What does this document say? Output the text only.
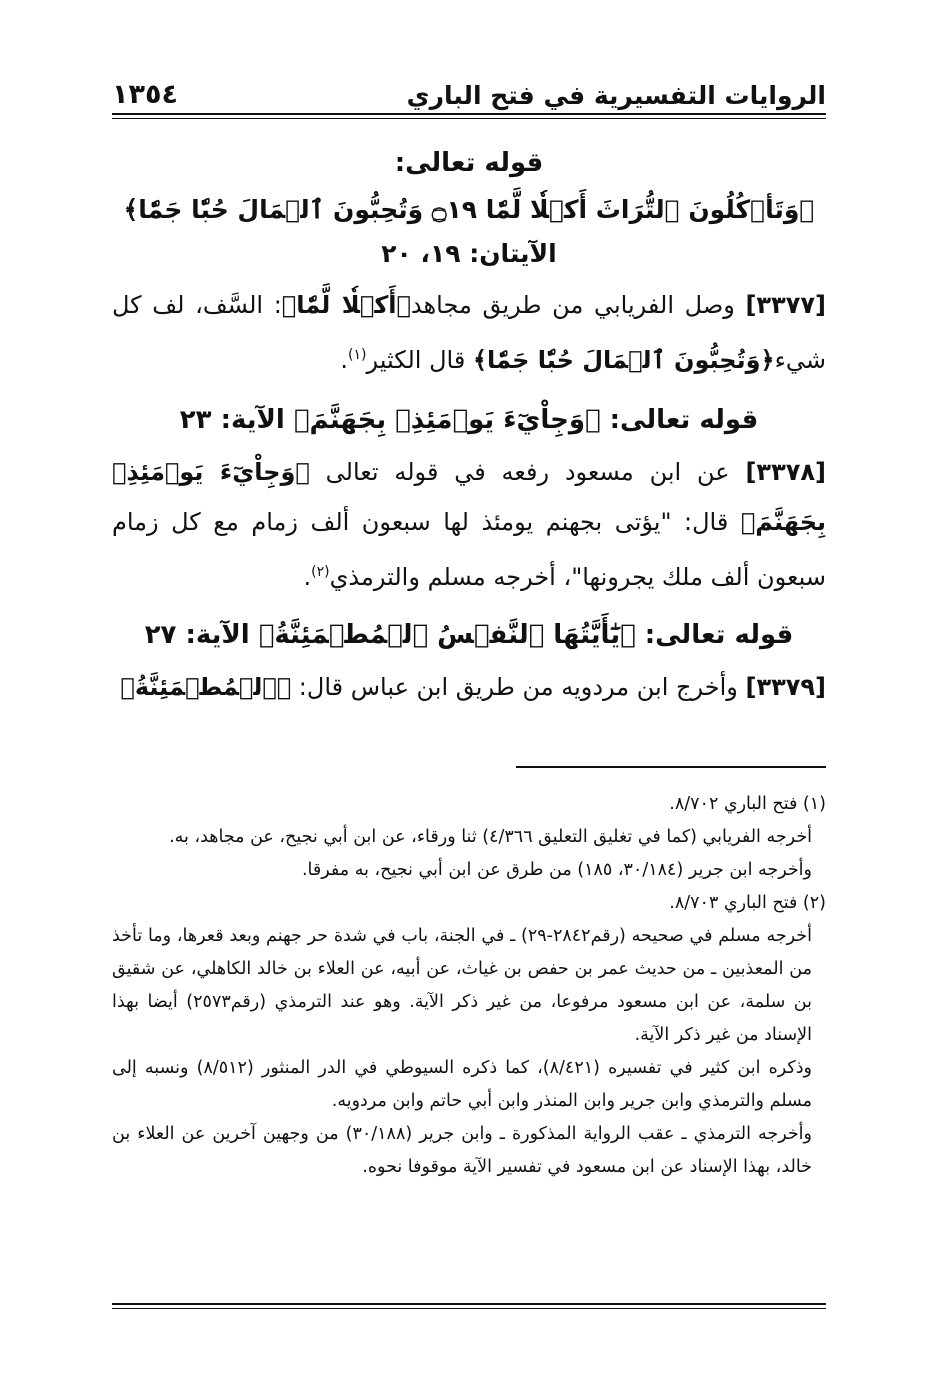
١٣٥٤	الروايات التفسيرية في فتح الباري

قوله تعالى:

﴿وَتَأۡكُلُونَ ٱلتُّرَاثَ أَكۡلٗا لَّمّٗا ۝١٩ وَتُحِبُّونَ ٱلۡمَالَ حُبّٗا جَمّٗا﴾ الآيتان: ١٩، ٢٠

[٣٣٧٧] وصل الفريابي من طريق مجاهد﴿أَكۡلٗا لَّمّٗا﴾: السَّف، لف كل شيء﴿وَتُحِبُّونَ ٱلۡمَالَ حُبّٗا جَمّٗا﴾ قال الكثير$^{(١)}$.

قوله تعالى: ﴿وَجِاْيٓءَ يَوۡمَئِذِۭ بِجَهَنَّمَ﴾ الآية: ٢٣

[٣٣٧٨] عن ابن مسعود رفعه في قوله تعالى ﴿وَجِاْيٓءَ يَوۡمَئِذِۭ بِجَهَنَّمَ﴾ قال: "يؤتى بجهنم يومئذ لها سبعون ألف زمام مع كل زمام سبعون ألف ملك يجرونها"، أخرجه مسلم والترمذي$^{(٢)}$.

قوله تعالى: ﴿يَٰٓأَيَّتُهَا ٱلنَّفۡسُ ٱلۡمُطۡمَئِنَّةُ﴾ الآية: ٢٧

[٣٣٧٩] وأخرج ابن مردويه من طريق ابن عباس قال: ﴿ٱلۡمُطۡمَئِنَّةُ﴾

(١) فتح الباري ٨/٧٠٢.

أخرجه الفريابي (كما في تغليق التعليق ٤/٣٦٦) ثنا ورقاء، عن ابن أبي نجيح، عن مجاهد، به.

وأخرجه ابن جرير (٣٠/١٨٤، ١٨٥) من طرق عن ابن أبي نجيح، به مفرقا.

(٢) فتح الباري ٨/٧٠٣.

أخرجه مسلم في صحيحه (رقم٢٨٤٢-٢٩) ـ في الجنة، باب في شدة حر جهنم وبعد قعرها، وما تأخذ من المعذبين ـ من حديث عمر بن حفص بن غياث، عن أبيه، عن العلاء بن خالد الكاهلي، عن شقيق بن سلمة، عن ابن مسعود مرفوعا، من غير ذكر الآية. وهو عند الترمذي (رقم٢٥٧٣) أيضا بهذا الإسناد من غير ذكر الآية.

وذكره ابن كثير في تفسيره (٨/٤٢١)، كما ذكره السيوطي في الدر المنثور (٨/٥١٢) ونسبه إلى مسلم والترمذي وابن جرير وابن المنذر وابن أبي حاتم وابن مردويه.

وأخرجه الترمذي ـ عقب الرواية المذكورة ـ وابن جرير (٣٠/١٨٨) من وجهين آخرين عن العلاء بن خالد، بهذا الإسناد عن ابن مسعود في تفسير الآية موقوفا نحوه.
